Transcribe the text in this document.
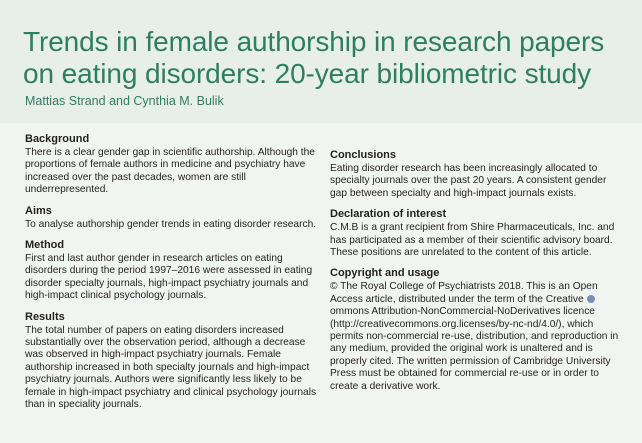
Trends in female authorship in research papers on eating disorders: 20-year bibliometric study
Mattias Strand and Cynthia M. Bulik
Background

There is a clear gender gap in scientific authorship. Although the proportions of female authors in medicine and psychiatry have increased over the past decades, women are still underrepresented.

Aims

To analyse authorship gender trends in eating disorder research.

Method

First and last author gender in research articles on eating disorders during the period 1997–2016 were assessed in eating disorder specialty journals, high-impact psychiatry journals and high-impact clinical psychology journals.

Results

The total number of papers on eating disorders increased substantially over the observation period, although a decrease was observed in high-impact psychiatry journals. Female authorship increased in both specialty journals and high-impact psychiatry journals. Authors were significantly less likely to be female in high-impact psychiatry and clinical psychology journals than in speciality journals.

Conclusions

Eating disorder research has been increasingly allocated to specialty journals over the past 20 years. A consistent gender gap between specialty and high-impact journals exists.

Declaration of interest

C.M.B is a grant recipient from Shire Pharmaceuticals, Inc. and has participated as a member of their scientific advisory board. These positions are unrelated to the content of this article.

Copyright and usage

© The Royal College of Psychiatrists 2018. This is an Open Access article, distributed under the term of the Creative ommons Attribution-NonCommercial-NoDerivatives licence (http://creativecommons.org.licenses/by-nc-nd/4.0/), which permits non-commercial re-use, distribution, and reproduction in any medium, provided the original work is unaltered and is properly cited. The written permission of Cambridge University Press must be obtained for commercial re-use or in order to create a derivative work.
